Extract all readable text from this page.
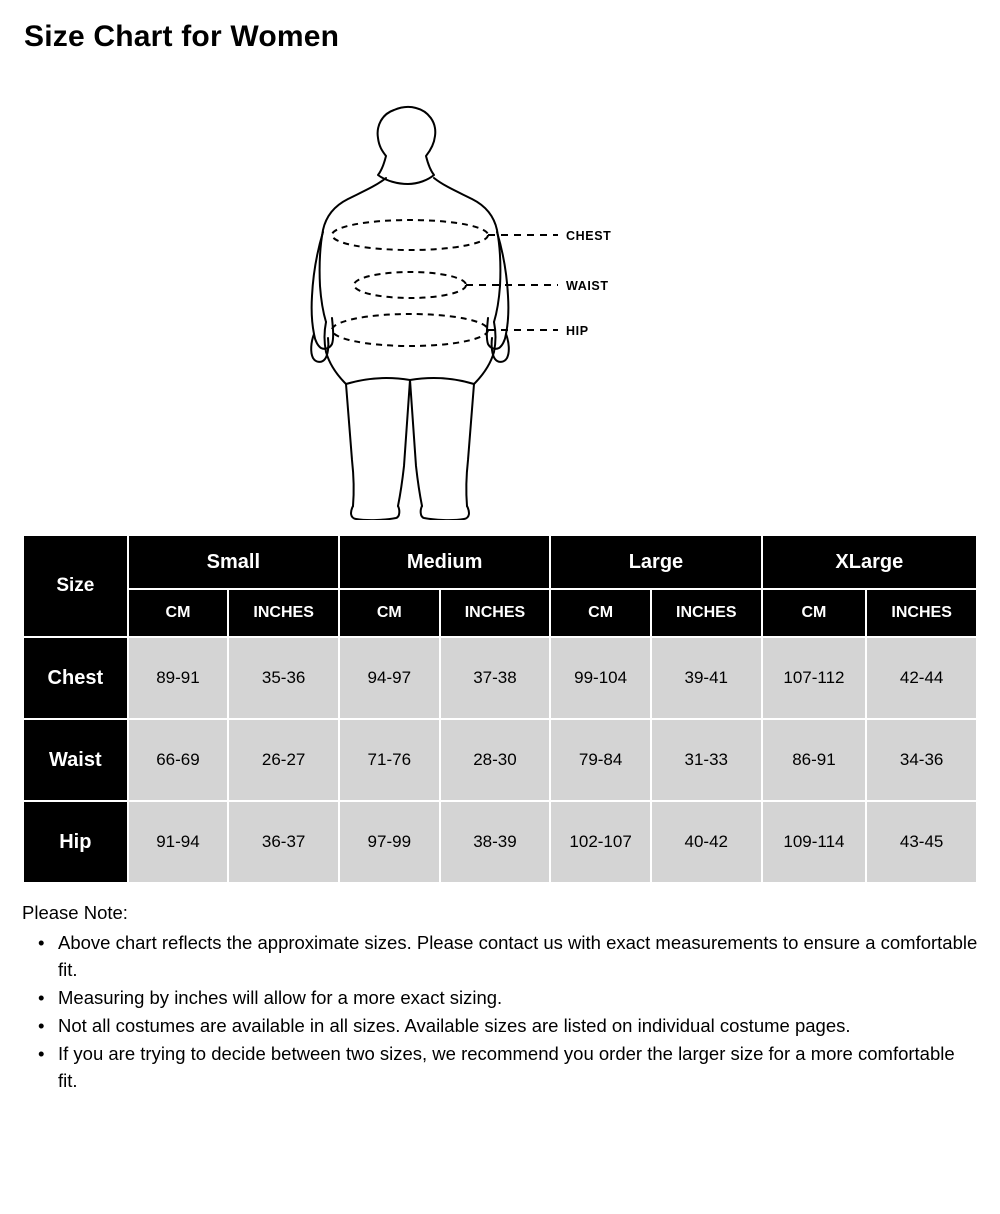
Size Chart for Women
CHEST
WAIST
HIP
Size	Small		Medium		Large		XLarge	
	CM	INCHES	CM	INCHES	CM	INCHES	CM	INCHES
Chest	89-91	35-36	94-97	37-38	99-104	39-41	107-112	42-44
Waist	66-69	26-27	71-76	28-30	79-84	31-33	86-91	34-36
Hip	91-94	36-37	97-99	38-39	102-107	40-42	109-114	43-45
Please Note:
• Above chart reflects the approximate sizes. Please contact us with exact measurements to ensure a comfortable fit.
• Measuring by inches will allow for a more exact sizing.
• Not all costumes are available in all sizes. Available sizes are listed on individual costume pages.
• If you are trying to decide between two sizes, we recommend you order the larger size for a more comfortable fit.
